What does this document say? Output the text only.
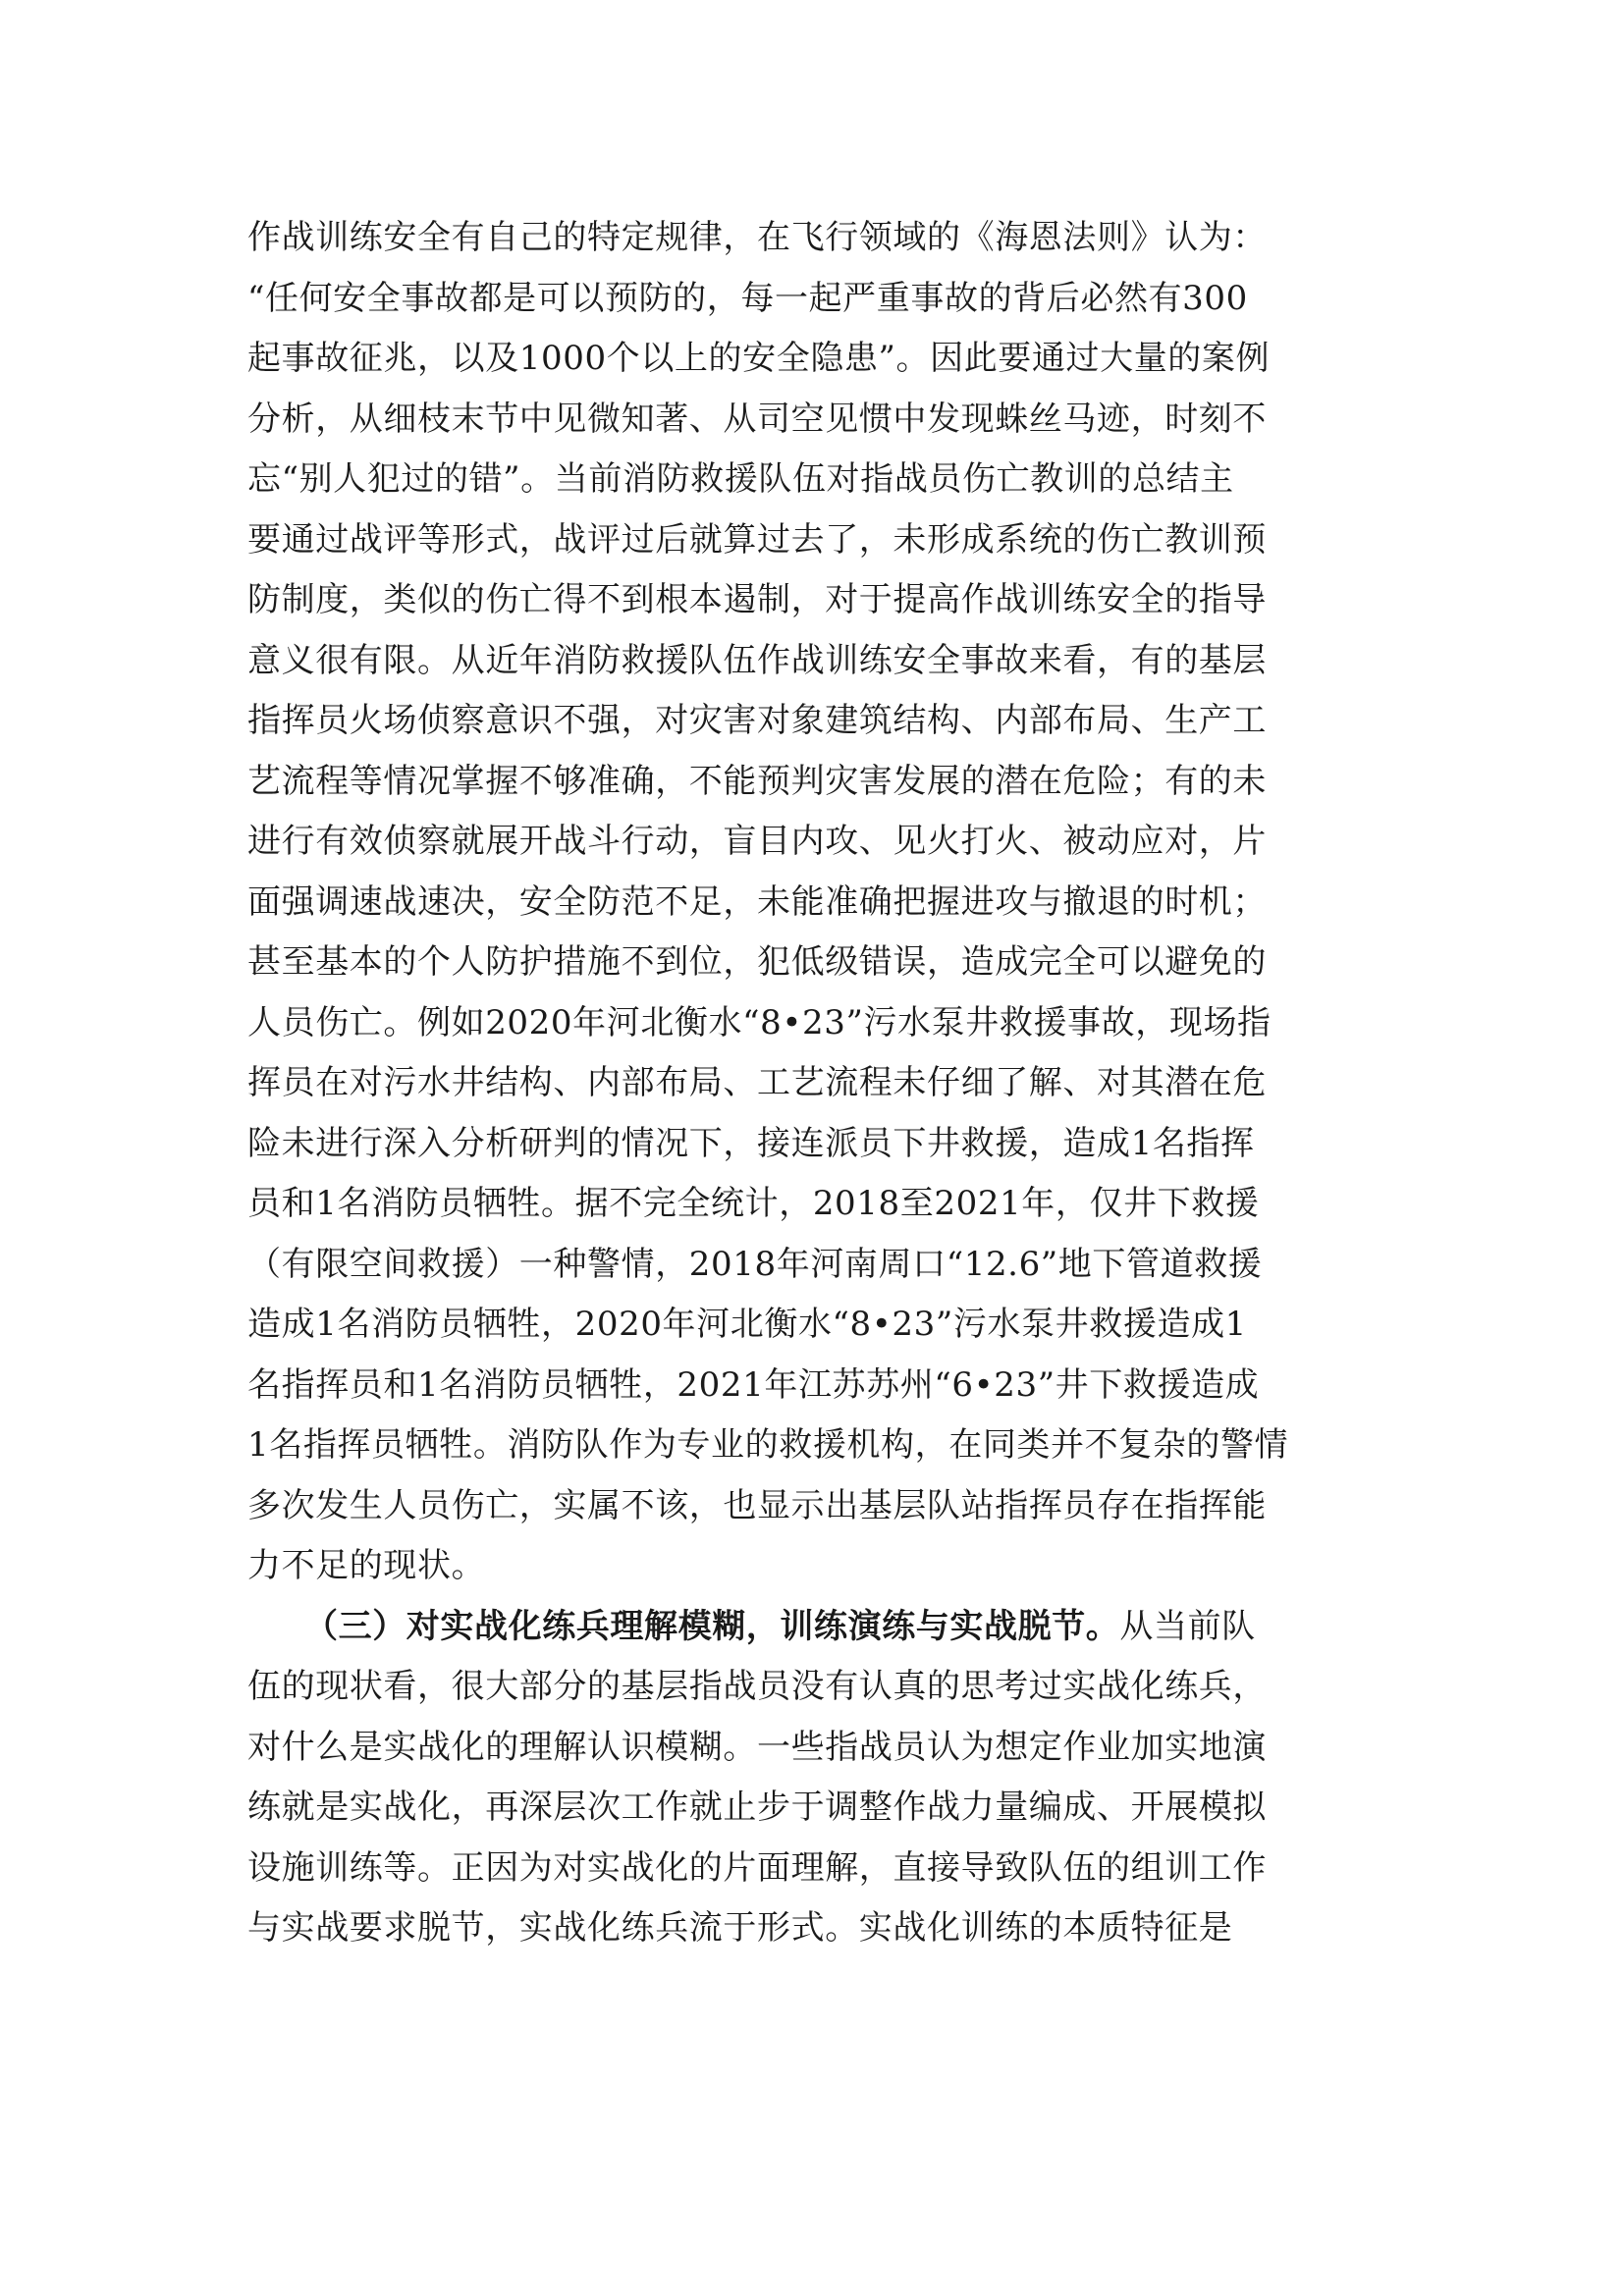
作战训练安全有自己的特定规律，在飞行领域的《海恩法则》认为：
“任何安全事故都是可以预防的，每一起严重事故的背后必然有300
起事故征兆，以及1000个以上的安全隐患”。因此要通过大量的案例
分析，从细枝末节中见微知著、从司空见惯中发现蛛丝马迹，时刻不
忘“别人犯过的错”。当前消防救援队伍对指战员伤亡教训的总结主
要通过战评等形式，战评过后就算过去了，未形成系统的伤亡教训预
防制度，类似的伤亡得不到根本遏制，对于提高作战训练安全的指导
意义很有限。从近年消防救援队伍作战训练安全事故来看，有的基层
指挥员火场侦察意识不强，对灾害对象建筑结构、内部布局、生产工
艺流程等情况掌握不够准确，不能预判灾害发展的潜在危险；有的未
进行有效侦察就展开战斗行动，盲目内攻、见火打火、被动应对，片
面强调速战速决，安全防范不足，未能准确把握进攻与撤退的时机；
甚至基本的个人防护措施不到位，犯低级错误，造成完全可以避免的
人员伤亡。例如2020年河北衡水“8•23”污水泵井救援事故，现场指
挥员在对污水井结构、内部布局、工艺流程未仔细了解、对其潜在危
险未进行深入分析研判的情况下，接连派员下井救援，造成1名指挥
员和1名消防员牺牲。据不完全统计，2018至2021年，仅井下救援
（有限空间救援）一种警情，2018年河南周口“12.6”地下管道救援
造成1名消防员牺牲，2020年河北衡水“8•23”污水泵井救援造成1
名指挥员和1名消防员牺牲，2021年江苏苏州“6•23”井下救援造成
1名指挥员牺牲。消防队作为专业的救援机构，在同类并不复杂的警情
多次发生人员伤亡，实属不该，也显示出基层队站指挥员存在指挥能
力不足的现状。
（三）对实战化练兵理解模糊，训练演练与实战脱节。从当前队
伍的现状看，很大部分的基层指战员没有认真的思考过实战化练兵，
对什么是实战化的理解认识模糊。一些指战员认为想定作业加实地演
练就是实战化，再深层次工作就止步于调整作战力量编成、开展模拟
设施训练等。正因为对实战化的片面理解，直接导致队伍的组训工作
与实战要求脱节，实战化练兵流于形式。实战化训练的本质特征是
